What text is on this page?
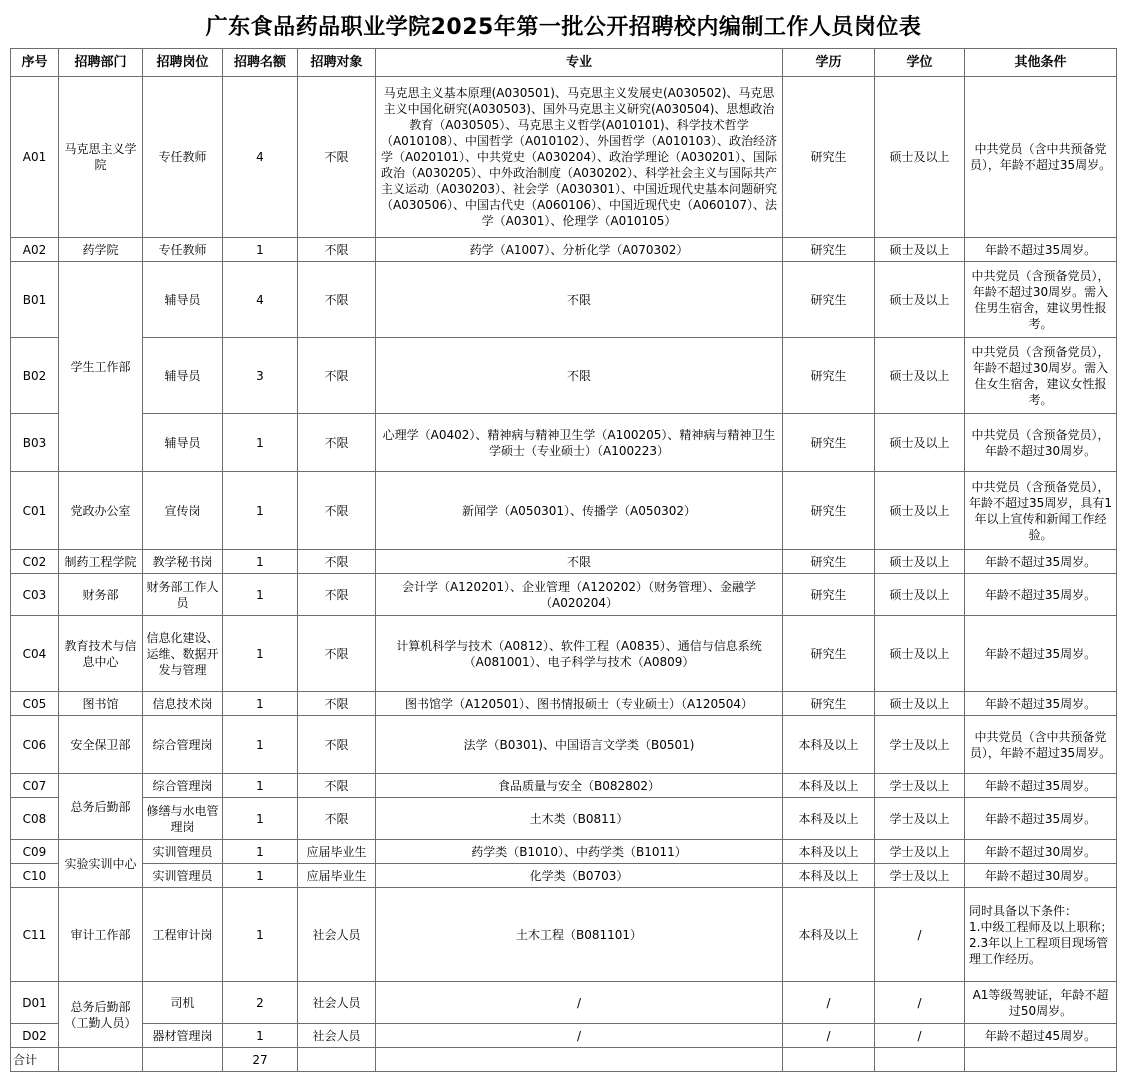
广东食品药品职业学院2025年第一批公开招聘校内编制工作人员岗位表
序号	招聘部门	招聘岗位	招聘名额	招聘对象	专业	学历	学位	其他条件
A01	马克思主义学院	专任教师	4	不限	马克思主义基本原理(A030501)、马克思主义发展史(A030502)、马克思主义中国化研究(A030503)、国外马克思主义研究(A030504)、思想政治教育（A030505）、马克思主义哲学(A010101)、科学技术哲学（A010108）、中国哲学（A010102）、外国哲学（A010103）、政治经济学（A020101）、中共党史（A030204）、政治学理论（A030201）、国际政治（A030205）、中外政治制度（A030202）、科学社会主义与国际共产主义运动（A030203）、社会学（A030301）、中国近现代史基本问题研究（A030506）、中国古代史（A060106）、中国近现代史（A060107）、法学（A0301）、伦理学（A010105）	研究生	硕士及以上	中共党员（含中共预备党员），年龄不超过35周岁。
A02	药学院	专任教师	1	不限	药学（A1007）、分析化学（A070302）	研究生	硕士及以上	年龄不超过35周岁。
B01	学生工作部	辅导员	4	不限	不限	研究生	硕士及以上	中共党员（含预备党员），年龄不超过30周岁。需入住男生宿舍，建议男性报考。
B02		辅导员	3	不限	不限	研究生	硕士及以上	中共党员（含预备党员），年龄不超过30周岁。需入住女生宿舍，建议女性报考。
B03		辅导员	1	不限	心理学（A0402）、精神病与精神卫生学（A100205）、精神病与精神卫生学硕士（专业硕士）（A100223）	研究生	硕士及以上	中共党员（含预备党员），年龄不超过30周岁。
C01	党政办公室	宣传岗	1	不限	新闻学（A050301）、传播学（A050302）	研究生	硕士及以上	中共党员（含预备党员），年龄不超过35周岁，具有1年以上宣传和新闻工作经验。
C02	制药工程学院	教学秘书岗	1	不限	不限	研究生	硕士及以上	年龄不超过35周岁。
C03	财务部	财务部工作人员	1	不限	会计学（A120201）、企业管理（A120202）（财务管理）、金融学（A020204）	研究生	硕士及以上	年龄不超过35周岁。
C04	教育技术与信息中心	信息化建设、运维、数据开发与管理	1	不限	计算机科学与技术（A0812）、软件工程（A0835）、通信与信息系统（A081001）、电子科学与技术（A0809）	研究生	硕士及以上	年龄不超过35周岁。
C05	图书馆	信息技术岗	1	不限	图书馆学（A120501）、图书情报硕士（专业硕士）（A120504）	研究生	硕士及以上	年龄不超过35周岁。
C06	安全保卫部	综合管理岗	1	不限	法学（B0301)、中国语言文学类（B0501)	本科及以上	学士及以上	中共党员（含中共预备党员），年龄不超过35周岁。
C07	总务后勤部	综合管理岗	1	不限	食品质量与安全（B082802）	本科及以上	学士及以上	年龄不超过35周岁。
C08		修缮与水电管理岗	1	不限	土木类（B0811）	本科及以上	学士及以上	年龄不超过35周岁。
C09	实验实训中心	实训管理员	1	应届毕业生	药学类（B1010）、中药学类（B1011）	本科及以上	学士及以上	年龄不超过30周岁。
C10		实训管理员	1	应届毕业生	化学类（B0703）	本科及以上	学士及以上	年龄不超过30周岁。
C11	审计工作部	工程审计岗	1	社会人员	土木工程（B081101）	本科及以上	/	同时具备以下条件：
1.中级工程师及以上职称；
2.3年以上工程项目现场管理工作经历。
D01	总务后勤部（工勤人员）	司机	2	社会人员	/	/	/	A1等级驾驶证，年龄不超过50周岁。
D02		器材管理岗	1	社会人员	/	/	/	年龄不超过45周岁。
合计			27					
